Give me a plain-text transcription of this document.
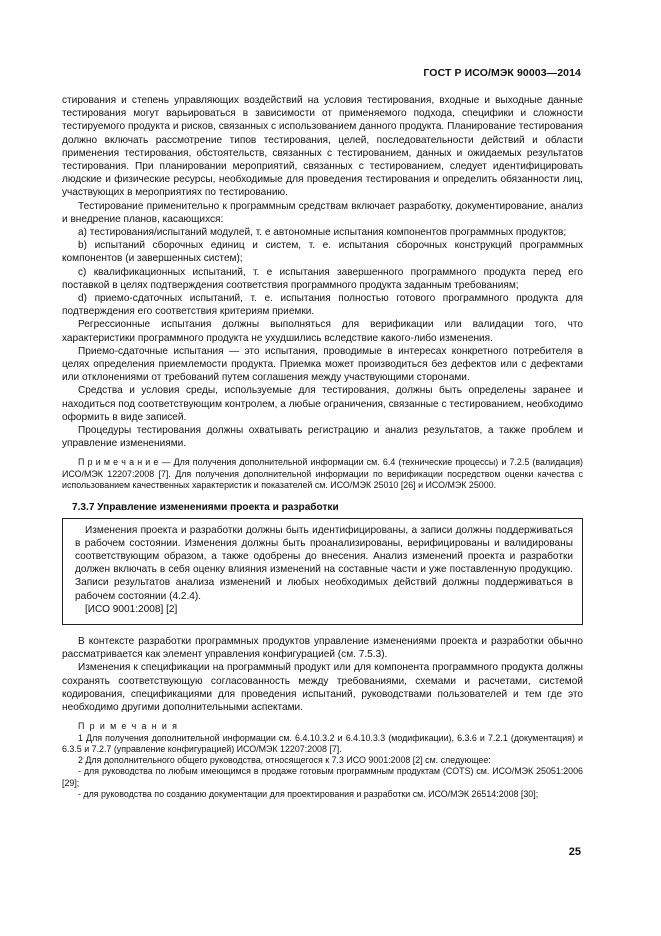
ГОСТ Р ИСО/МЭК 90003—2014

стирования и степень управляющих воздействий на условия тестирования, входные и выходные данные тестирования могут варьироваться в зависимости от применяемого подхода, специфики и сложности тестируемого продукта и рисков, связанных с использованием данного продукта. Планирование тестирования должно включать рассмотрение типов тестирования, целей, последовательности действий и области применения тестирования, обстоятельств, связанных с тестированием, данных и ожидаемых результатов тестирования. При планировании мероприятий, связанных с тестированием, следует идентифицировать людские и физические ресурсы, необходимые для проведения тестирования и определить обязанности лиц, участвующих в мероприятиях по тестированию.

Тестирование применительно к программным средствам включает разработку, документирование, анализ и внедрение планов, касающихся:

а) тестирования/испытаний модулей, т. е автономные испытания компонентов программных продуктов;

b) испытаний сборочных единиц и систем, т. е. испытания сборочных конструкций программных компонентов (и завершенных систем);

с) квалификационных испытаний, т. е испытания завершенного программного продукта перед его поставкой в целях подтверждения соответствия программного продукта заданным требованиям;

d) приемо-сдаточных испытаний, т. е. испытания полностью готового программного продукта для подтверждения его соответствия критериям приемки.

Регрессионные испытания должны выполняться для верификации или валидации того, что характеристики программного продукта не ухудшились вследствие какого-либо изменения.

Приемо-сдаточные испытания — это испытания, проводимые в интересах конкретного потребителя в целях определения приемлемости продукта. Приемка может производиться без дефектов или с дефектами или отклонениями от требований путем соглашения между участвующими сторонами.

Средства и условия среды, используемые для тестирования, должны быть определены заранее и находиться под соответствующим контролем, а любые ограничения, связанные с тестированием, необходимо оформить в виде записей.

Процедуры тестирования должны охватывать регистрацию и анализ результатов, а также проблем и управление изменениями.

П р и м е ч а н и е — Для получения дополнительной информации см. 6.4 (технические процессы) и 7.2.5 (валидация) ИСО/МЭК 12207:2008 [7]. Для получения дополнительной информации по верификации посредством оценки качества с использованием качественных характеристик и показателей см. ИСО/МЭК 25010 [26] и ИСО/МЭК 25000.

7.3.7 Управление изменениями проекта и разработки

Изменения проекта и разработки должны быть идентифицированы, а записи должны поддерживаться в рабочем состоянии. Изменения должны быть проанализированы, верифицированы и валидированы соответствующим образом, а также одобрены до внесения. Анализ изменений проекта и разработки должен включать в себя оценку влияния изменений на составные части и уже поставленную продукцию. Записи результатов анализа изменений и любых необходимых действий должны поддерживаться в рабочем состоянии (4.2.4).

[ИСО 9001:2008] [2]

В контексте разработки программных продуктов управление изменениями проекта и разработки обычно рассматривается как элемент управления конфигурацией (см. 7.5.3).

Изменения к спецификации на программный продукт или для компонента программного продукта должны сохранять соответствующую согласованность между требованиями, схемами и расчетами, системой кодирования, спецификациями для проведения испытаний, руководствами пользователей и тем где это необходимо другими дополнительными аспектами.

П р и м е ч а н и я

1 Для получения дополнительной информации см. 6.4.10.3.2 и 6.4.10.3.3 (модификации), 6.3.6 и 7.2.1 (документация) и 6.3.5 и 7.2.7 (управление конфигурацией) ИСО/МЭК 12207:2008 [7].

2 Для дополнительного общего руководства, относящегося к 7.3 ИСО 9001:2008 [2] см. следующее:

- для руководства по любым имеющимся в продаже готовым программным продуктам (COTS) см. ИСО/МЭК 25051:2006 [29];

- для руководства по созданию документации для проектирования и разработки см. ИСО/МЭК 26514:2008 [30];

25
